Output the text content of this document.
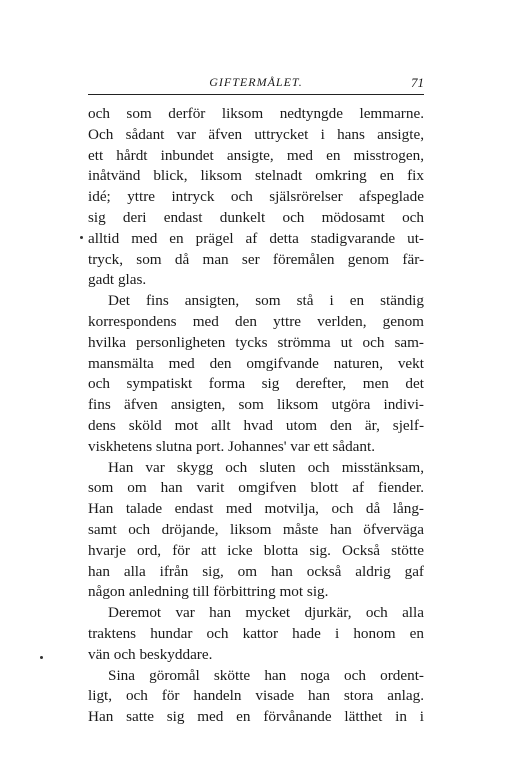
GIFTERMÅLET.	71
och som derför liksom nedtyngde lemmarne.
Och sådant var äfven uttrycket i hans ansigte,
ett hårdt inbundet ansigte, med en misstrogen,
inåtvänd blick, liksom stelnadt omkring en fix
idé; yttre intryck och själsrörelser afspeglade
sig deri endast dunkelt och mödosamt och
alltid med en prägel af detta stadigvarande ut-
tryck, som då man ser föremålen genom fär-
gadt glas.
Det fins ansigten, som stå i en ständig
korrespondens med den yttre verlden, genom
hvilka personligheten tycks strömma ut och sam-
mansmälta med den omgifvande naturen, vekt
och sympatiskt forma sig derefter, men det
fins äfven ansigten, som liksom utgöra indivi-
dens sköld mot allt hvad utom den är, sjelf-
viskhetens slutna port. Johannes' var ett sådant.
Han var skygg och sluten och misstänksam,
som om han varit omgifven blott af fiender.
Han talade endast med motvilja, och då lång-
samt och dröjande, liksom måste han öfverväga
hvarje ord, för att icke blotta sig. Också stötte
han alla ifrån sig, om han också aldrig gaf
någon anledning till förbittring mot sig.
Deremot var han mycket djurkär, och alla
traktens hundar och kattor hade i honom en
vän och beskyddare.
Sina göromål skötte han noga och ordent-
ligt, och för handeln visade han stora anlag.
Han satte sig med en förvånande lätthet in i
